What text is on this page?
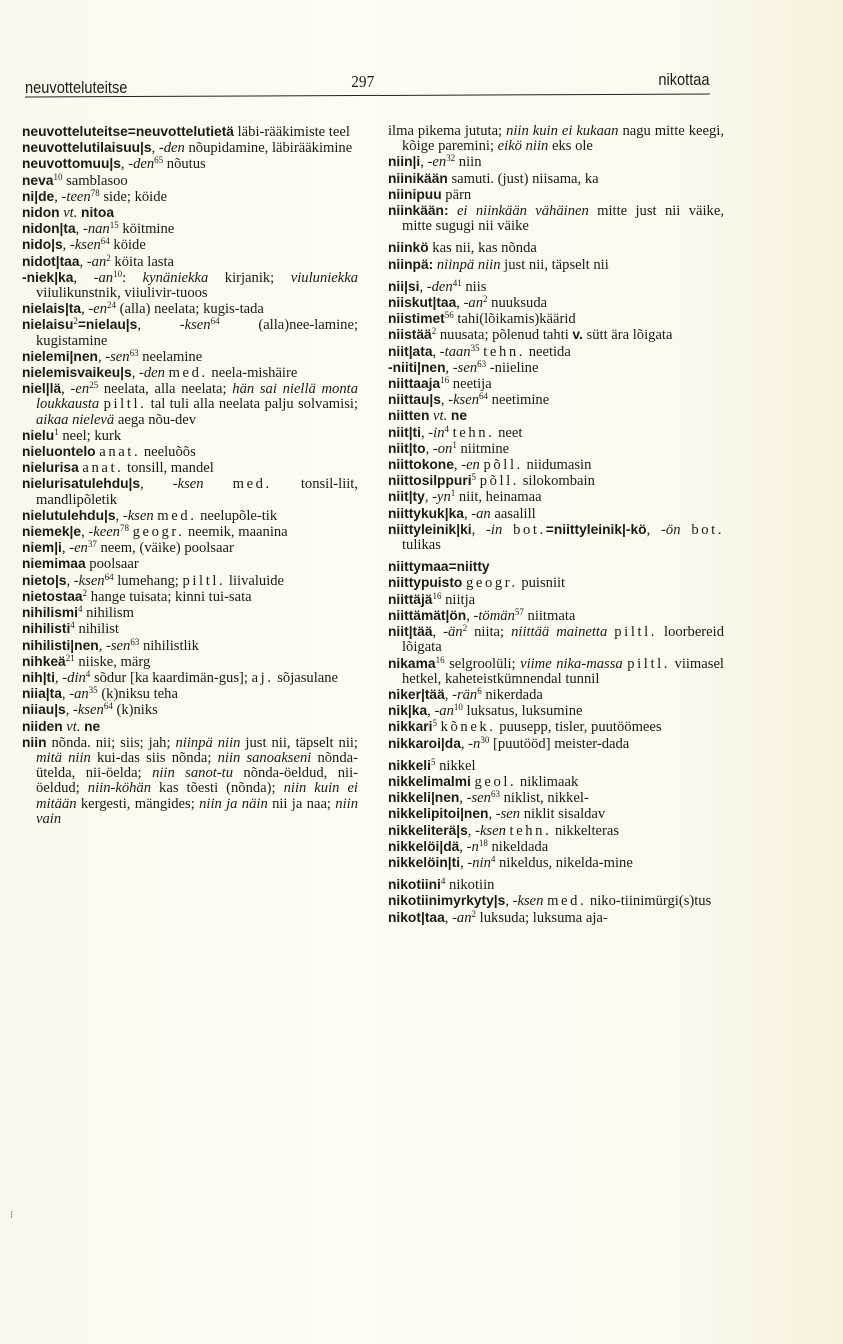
neuvotteluteitse	297	nikottaa

neuvotteluteitse=neuvottelutietä läbi-rääkimiste teel

neuvottelutilaisuu|s, -den nõupidamine, läbirääkimine

neuvottomuu|s, -den$^{65}$ nõutus

neva$^{10}$ samblasoo

ni|de, -teen$^{78}$ side; köide

nidon vt. nitoa

nidon|ta, -nan$^{15}$ köitmine

nido|s, -ksen$^{64}$ köide

nidot|taa, $-an^2$ köita lasta

-niek|ka, $-an^{10}$: kynäniekka kirjanik; viuluniekka viiulikunstnik, viiulivir-tuoos

nielais|ta, $-en^{24}$ (alla) neelata; kugis-tada

nielaisu$^2$=nielau|s, -ksen$^{64}$ (alla)nee-lamine; kugistamine

nielemi|nen, -sen$^{63}$ neelamine

nielemisvaikeu|s, -den med. neela-mishäire

niel|lä, $-en^{25}$ neelata, alla neelata; hän sai niellä monta loukkausta piltl. tal tuli alla neelata palju solvamisi; aikaa nielevä aega nõu-dev

nielu$^1$ neel; kurk

nieluontelo anat. neeluõõs

nielurisa anat. tonsill, mandel

nielurisatulehdu|s, -ksen med. tonsil-liit, mandlipõletik

nielutulehdu|s, -ksen med. neelupõle-tik

niemek|e, -keen$^{78}$ geogr. neemik, maanina

niem|i, $-en^{37}$ neem, (väike) poolsaar

niemimaa poolsaar

nieto|s, -ksen$^{64}$ lumehang; piltl. liivaluide

nietostaa$^2$ hange tuisata; kinni tui-sata

nihilismi$^4$ nihilism

nihilisti$^4$ nihilist

nihilisti|nen, -sen$^{63}$ nihilistlik

nihkeä$^{21}$ niiske, märg

nih|ti, -din$^4$ sõdur [ka kaardimän-gus]; aj. sõjasulane

niia|ta, $-an^{35}$ (k)niksu teha

niiau|s, -ksen$^{64}$ (k)niks

niiden vt. ne

niin nõnda. nii; siis; jah; niinpä niin just nii, täpselt nii; mitä niin kui-das siis nõnda; niin sanoakseni nõnda-ütelda, nii-öelda; niin sanot-tu nõnda-öeldud, nii-öeldud; niin-köhän kas tõesti (nõnda); niin kuin ei mitään kergesti, mängides; niin ja näin nii ja naa; niin vain

ilma pikema jututa; niin kuin ei kukaan nagu mitte keegi, kõige paremini; eikö niin eks ole

niin|i, $-en^{32}$ niin

niinikään samuti. (just) niisama, ka

niinipuu pärn

niinkään: ei niinkään vähäinen mitte just nii väike, mitte sugugi nii väike

niinkö kas nii, kas nõnda

niinpä: niinpä niin just nii, täpselt nii

nii|si, -den$^{41}$ niis

niiskut|taa, $-an^2$ nuuksuda

niistimet$^{56}$ tahi(lõikamis)käärid

niistää$^2$ nuusata; põlenud tahti v. sütt ära lõigata

niit|ata, -taan$^{35}$ tehn. neetida

-niiti|nen, -sen$^{63}$ -niieline

niittaaja$^{16}$ neetija

niittau|s, -ksen$^{64}$ neetimine

niitten vt. ne

niit|ti, $-in^4$ tehn. neet

niit|to, $-on^1$ niitmine

niittokone, -en põll. niidumasin

niittosilppuri$^5$ põll. silokombain

niit|ty, $-yn^1$ niit, heinamaa

niittykuk|ka, -an aasalill

niittyleinik|ki, -in bot.=niittyleinik|-kö, -ön bot. tulikas

niittymaa=niitty

niittypuisto geogr. puisniit

niittäjä$^{16}$ niitja

niittämät|ön, -tömän$^{57}$ niitmata

niit|tää, $-än^2$ niita; niittää mainetta piltl. loorbereid lõigata

nikama$^{16}$ selgroolüli; viime nika-massa piltl. viimasel hetkel, kaheteistkümnendal tunnil

niker|tää, -rän$^6$ nikerdada

nik|ka, $-an^{10}$ luksatus, luksumine

nikkari$^5$ kõnek. puusepp, tisler, puutöömees

nikkaroi|da, $-n^{30}$ [puutööd] meister-dada

nikkeli$^5$ nikkel

nikkelimalmi geol. niklimaak

nikkeli|nen, -sen$^{63}$ niklist, nikkel-

nikkelipitoi|nen, -sen niklit sisaldav

nikkeliterä|s, -ksen tehn. nikkelteras

nikkelöi|dä, $-n^{18}$ nikeldada

nikkelöin|ti, -nin$^4$ nikeldus, nikelda-mine

nikotiini$^4$ nikotiin

nikotiinimyrkyty|s, -ksen med. niko-tiinimürgi(s)tus

nikot|taa, $-an^2$ luksuda; luksuma aja-

⁝
